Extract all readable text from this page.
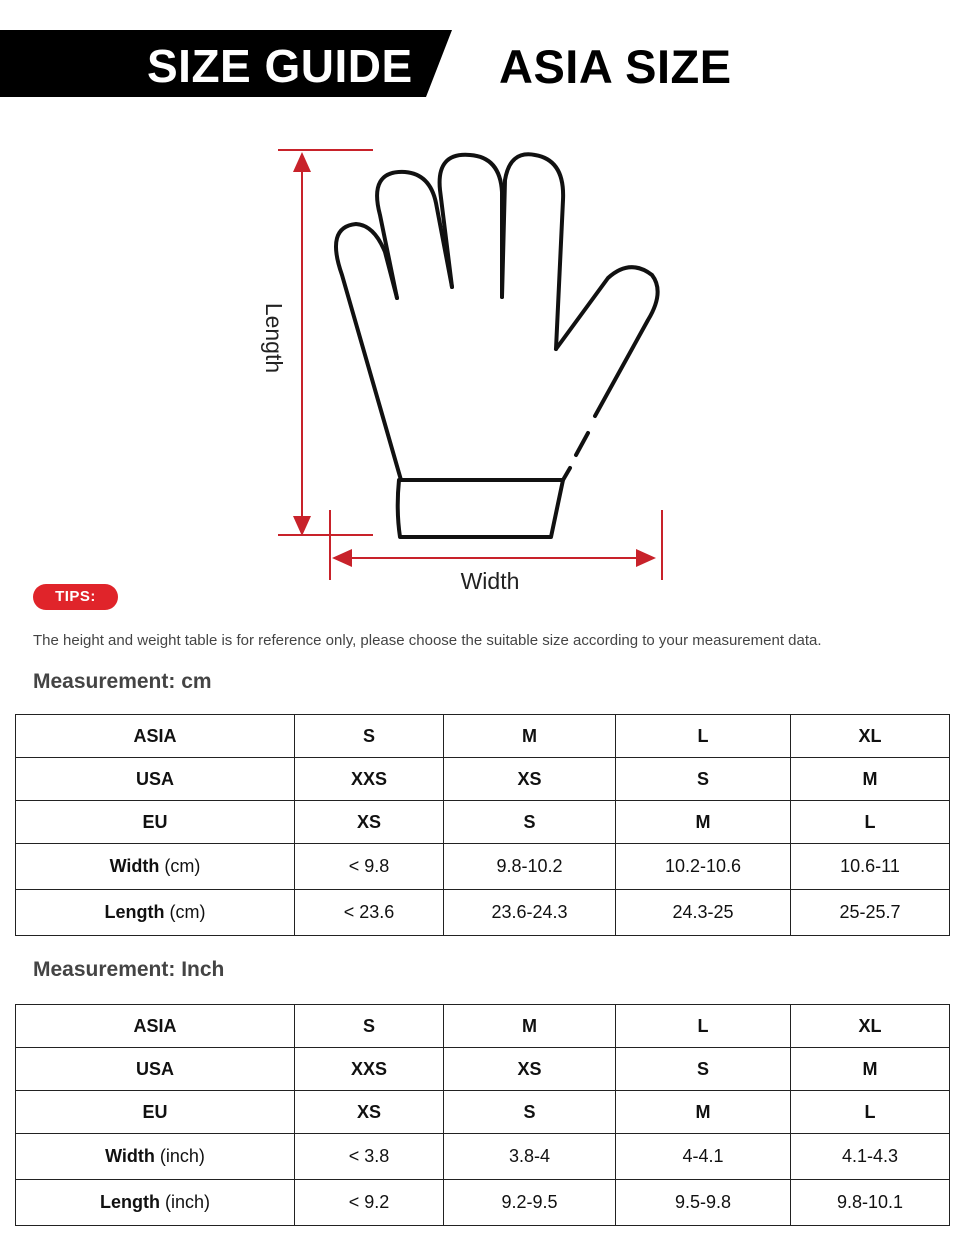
SIZE GUIDE ASIA SIZE
Length
Width
TIPS:
The height and weight table is for reference only, please choose the suitable size according to your measurement data.
Measurement: cm
ASIA	S	M	L	XL
USA	XXS	XS	S	M
EU	XS	S	M	L
Width (cm)	< 9.8	9.8-10.2	10.2-10.6	10.6-11
Length (cm)	< 23.6	23.6-24.3	24.3-25	25-25.7
Measurement: Inch
ASIA	S	M	L	XL
USA	XXS	XS	S	M
EU	XS	S	M	L
Width (inch)	< 3.8	3.8-4	4-4.1	4.1-4.3
Length (inch)	< 9.2	9.2-9.5	9.5-9.8	9.8-10.1
